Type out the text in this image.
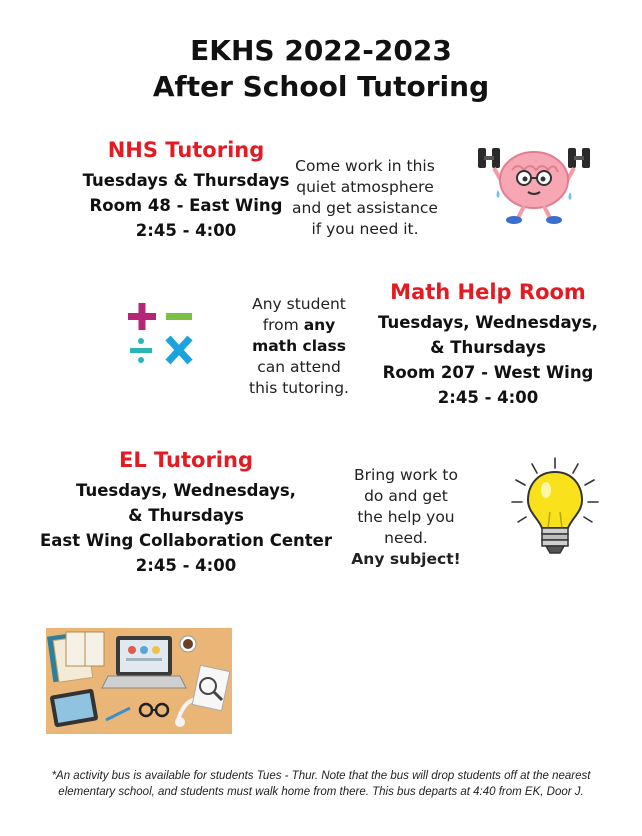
EKHS 2022-2023
After School Tutoring
NHS Tutoring
Tuesdays & Thursdays
Room 48 - East Wing
2:45 - 4:00
Come work in this
quiet atmosphere
and get assistance
if you need it.
Any student
from any
math class
can attend
this tutoring.
Math Help Room
Tuesdays, Wednesdays,
& Thursdays
Room 207 - West Wing
2:45 - 4:00
EL Tutoring
Tuesdays, Wednesdays,
& Thursdays
East Wing Collaboration Center
2:45 - 4:00
Bring work to
do and get
the help you
need.
Any subject!
*An activity bus is available for students Tues - Thur. Note that the bus will drop students off at the nearest
elementary school, and students must walk home from there. This bus departs at 4:40 from EK, Door J.
